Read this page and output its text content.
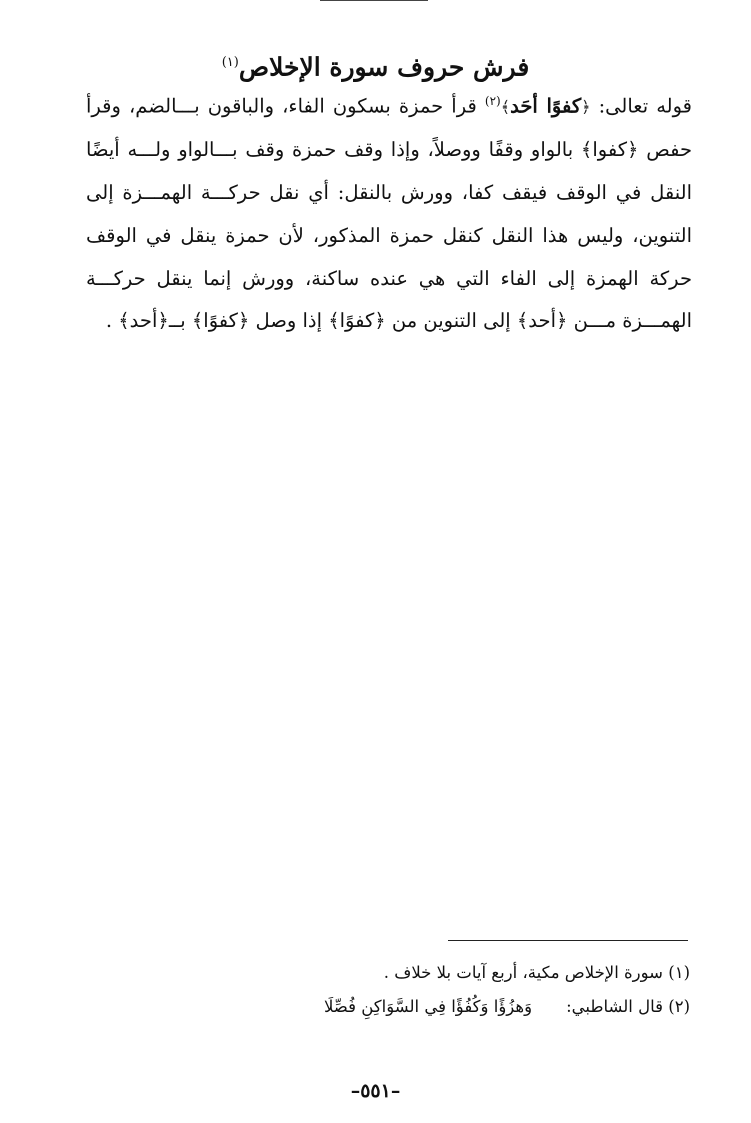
فرش حروف سورة الإخلاص$^{(١)}$

قوله تعالى: ﴿كفوًا أحَد﴾$^{(٢)}$ قرأ حمزة بسكون الفاء، والباقون بـــالضم، وقرأ حفص ﴿كفوا﴾ بالواو وقفًا ووصلاً، وإذا وقف حمزة وقف بـــالواو ولـــه أيضًا النقل في الوقف فيقف كفا، وورش بالنقل: أي نقل حركـــة الهمـــزة إلى التنوين، وليس هذا النقل كنقل حمزة المذكور، لأن حمزة ينقل في الوقف حركة الهمزة إلى الفاء التي هي عنده ساكنة، وورش إنما ينقل حركـــة الهمـــزة مـــن ﴿أحد﴾ إلى التنوين من ﴿كفوًا﴾ إذا وصل ﴿كفوًا﴾ بــ﴿أحد﴾ .

(١) سورة الإخلاص مكية، أربع آيات بلا خلاف .

(٢) قال الشاطبي:وَهزُؤًا وَكُفُؤًا فِي السَّوَاكِنِ فُصِّلَا

–٥٥١–
